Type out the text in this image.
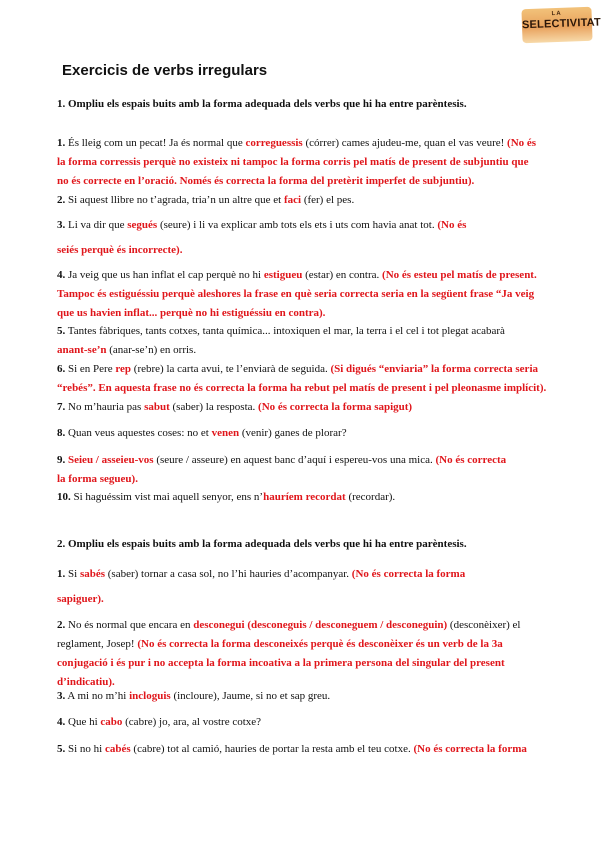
LA
SELECTIVITAT
Exercicis de verbs irregulars

1. Ompliu els espais buits amb la forma adequada dels verbs que hi ha entre parèntesis.

1. És lleig com un pecat! Ja és normal que correguessis (córrer) cames ajudeu-me, quan el vas veure! (No és
la forma corressis perquè no existeix ni tampoc la forma corris pel matís de present de subjuntiu que
no és correcte en l’oració. Només és correcta la forma del pretèrit imperfet de subjuntiu).
2. Si aquest llibre no t’agrada, tria’n un altre que et faci (fer) el pes.
3. Li va dir que segués (seure) i li va explicar amb tots els ets i uts com havia anat tot. (No és
seiés perquè és incorrecte).
4. Ja veig que us han inflat el cap perquè no hi estigueu (estar) en contra. (No és esteu pel matís de present.
Tampoc és estiguéssiu perquè aleshores la frase en què seria correcta seria en la següent frase “Ja veig
que us havien inflat... perquè no hi estiguéssiu en contra).
5. Tantes fàbriques, tants cotxes, tanta química... intoxiquen el mar, la terra i el cel i tot plegat acabarà
anant-se’n (anar-se’n) en orris.
6. Si en Pere rep (rebre) la carta avui, te l’enviarà de seguida. (Si digués “enviaria” la forma correcta seria
“rebés”. En aquesta frase no és correcta la forma ha rebut pel matís de present i pel pleonasme implícit).
7. No m’hauria pas sabut (saber) la resposta. (No és correcta la forma sapigut)
8. Quan veus aquestes coses: no et venen (venir) ganes de plorar?
9. Seieu / asseieu-vos (seure / asseure) en aquest banc d’aquí i espereu-vos una mica. (No és correcta
la forma segueu).
10. Si haguéssim vist mai aquell senyor, ens n’hauríem recordat (recordar).

2. Ompliu els espais buits amb la forma adequada dels verbs que hi ha entre parèntesis.

1. Si sabés (saber) tornar a casa sol, no l’hi hauries d’acompanyar. (No és correcta la forma
sapiguer).
2. No és normal que encara en desconegui (desconeguis / desconeguem / desconeguin) (desconèixer) el
reglament, Josep! (No és correcta la forma desconeixés perquè és desconèixer és un verb de la 3a
conjugació i és pur i no accepta la forma incoativa a la primera persona del singular del present
d’indicatiu).
3. A mi no m’hi incloguis (incloure), Jaume, si no et sap greu.
4. Que hi cabo (cabre) jo, ara, al vostre cotxe?
5. Si no hi cabés (cabre) tot al camió, hauries de portar la resta amb el teu cotxe. (No és correcta la forma
